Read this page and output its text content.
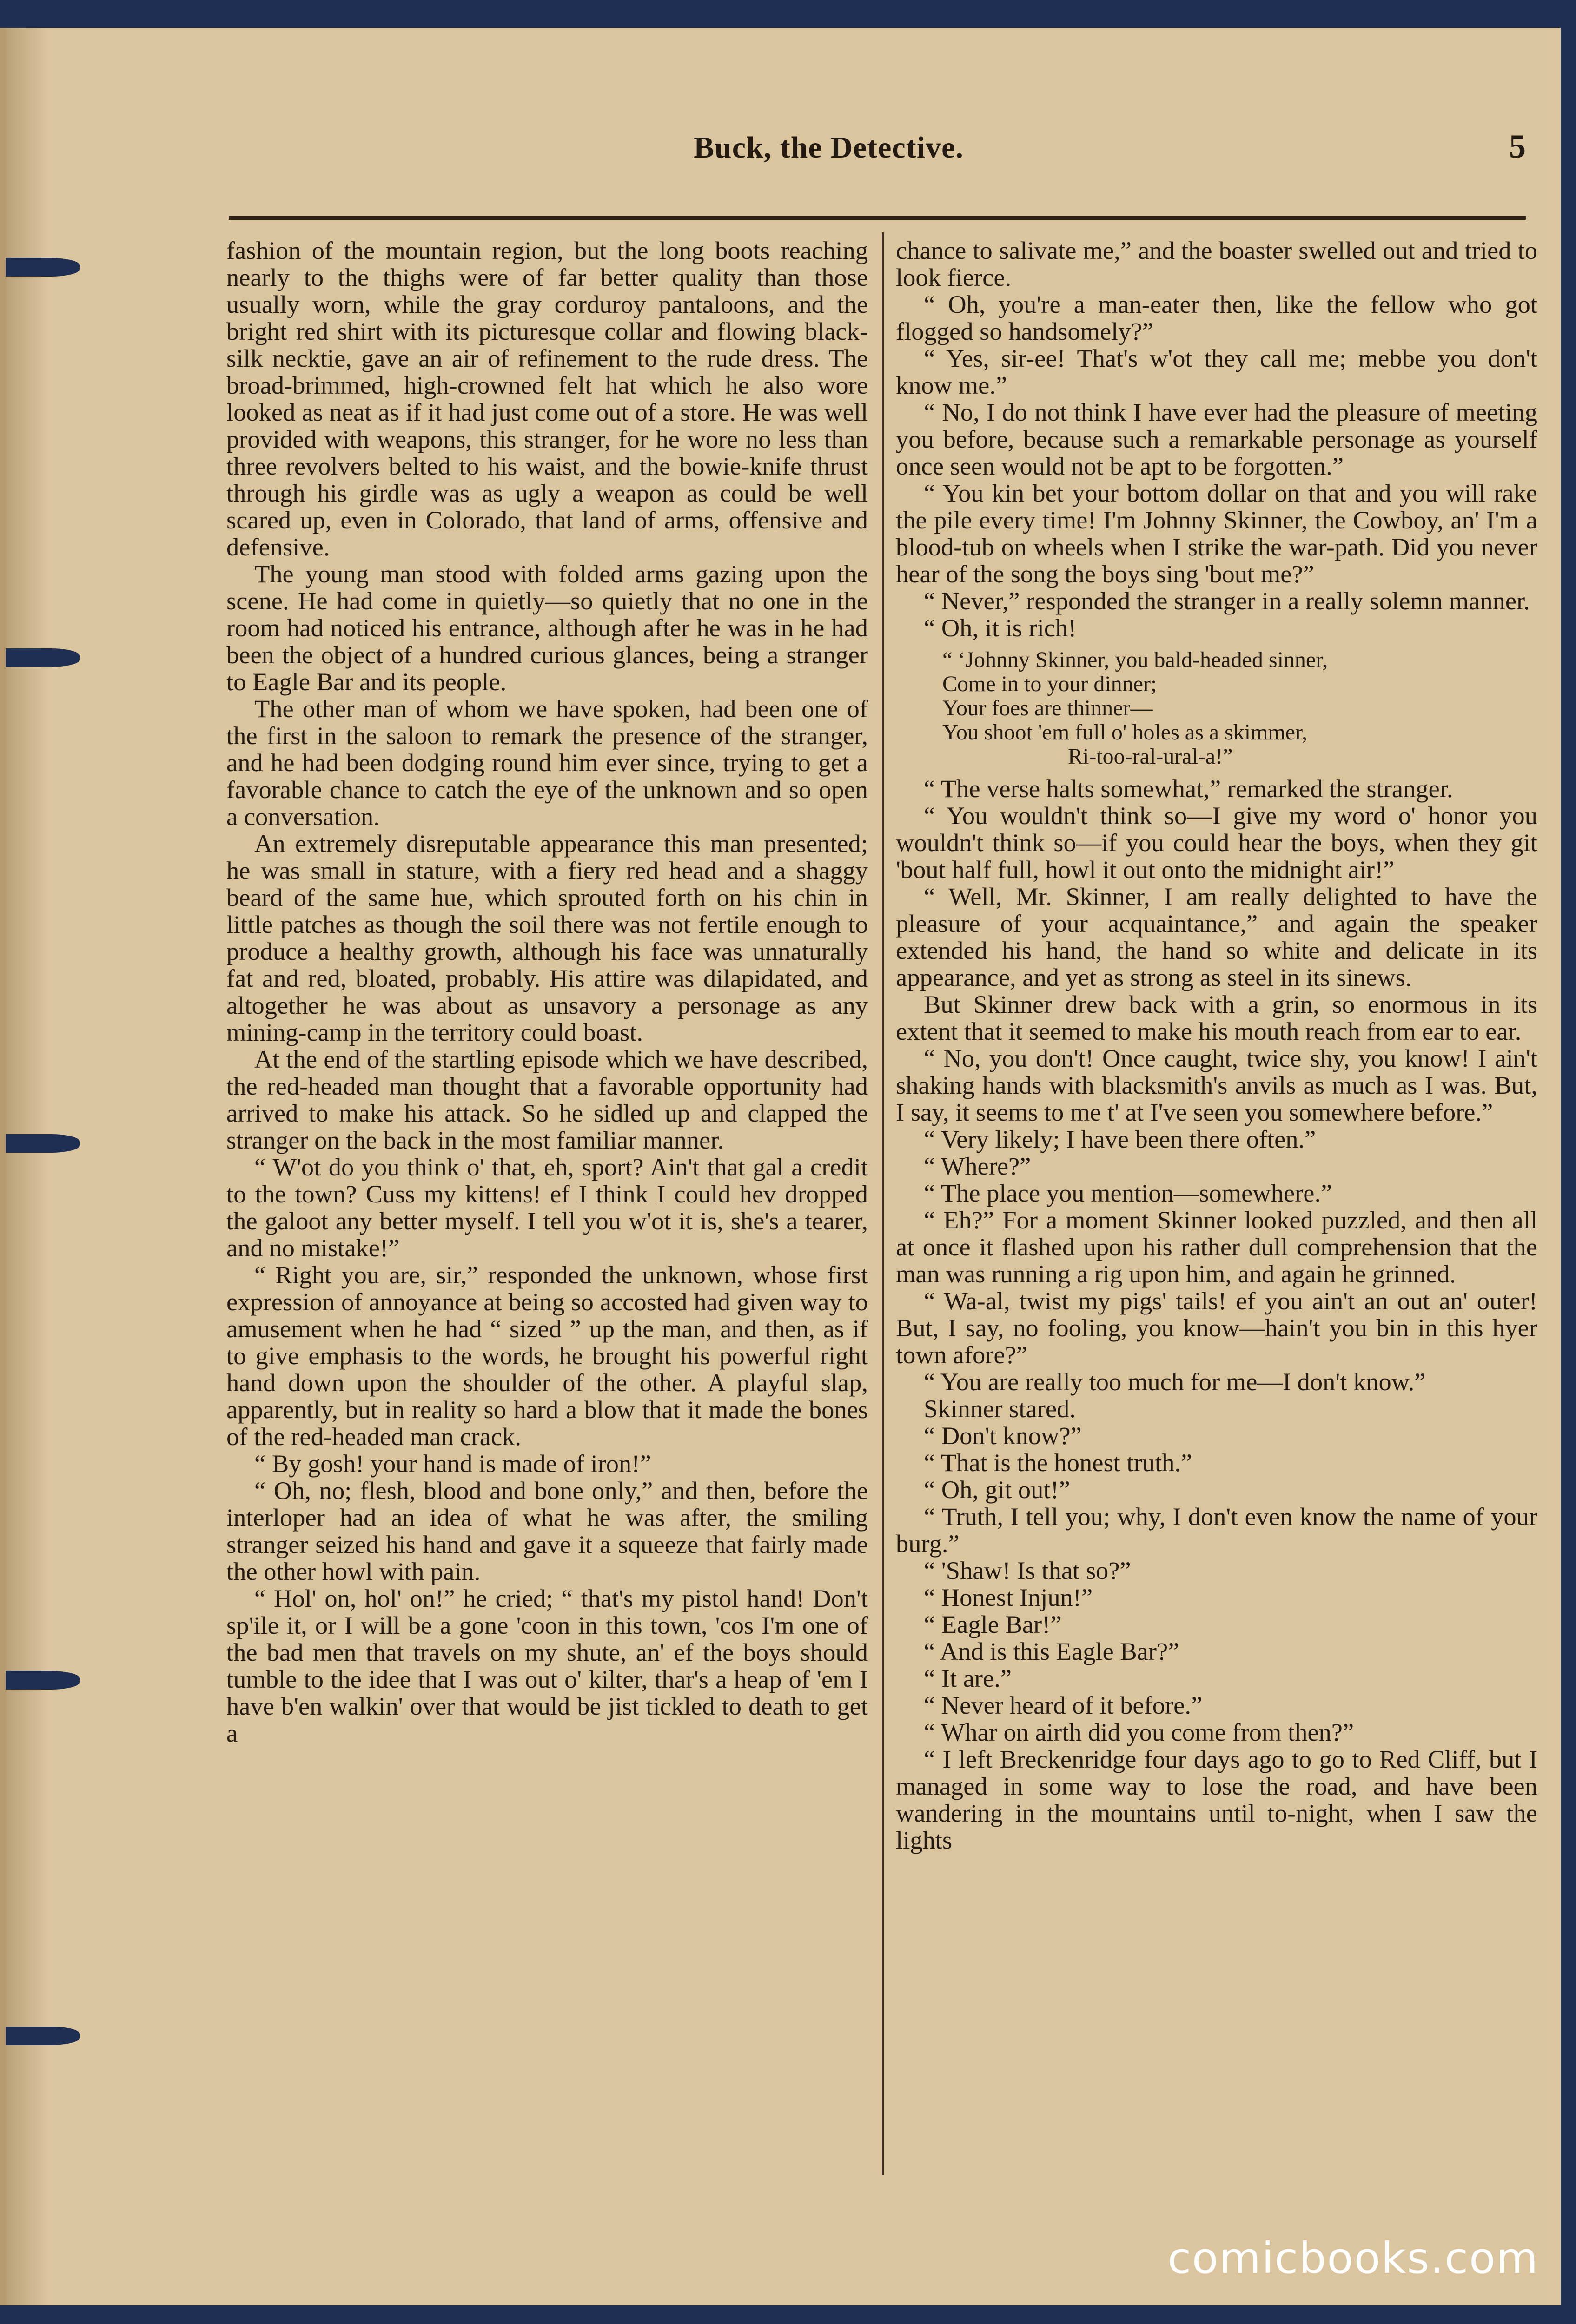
Buck, the Detective.	5

fashion of the mountain region, but the long boots reaching nearly to the thighs were of far better quality than those usually worn, while the gray corduroy pantaloons, and the bright red shirt with its picturesque collar and flowing black-silk necktie, gave an air of refinement to the rude dress. The broad-brimmed, high-crowned felt hat which he also wore looked as neat as if it had just come out of a store. He was well provided with weapons, this stranger, for he wore no less than three revolvers belted to his waist, and the bowie-knife thrust through his girdle was as ugly a weapon as could be well scared up, even in Colorado, that land of arms, offensive and defensive.

The young man stood with folded arms gazing upon the scene. He had come in quietly—so quietly that no one in the room had noticed his entrance, although after he was in he had been the object of a hundred curious glances, being a stranger to Eagle Bar and its people.

The other man of whom we have spoken, had been one of the first in the saloon to remark the presence of the stranger, and he had been dodging round him ever since, trying to get a favorable chance to catch the eye of the unknown and so open a conversation.

An extremely disreputable appearance this man presented; he was small in stature, with a fiery red head and a shaggy beard of the same hue, which sprouted forth on his chin in little patches as though the soil there was not fertile enough to produce a healthy growth, although his face was unnaturally fat and red, bloated, probably. His attire was dilapidated, and altogether he was about as unsavory a personage as any mining-camp in the territory could boast.

At the end of the startling episode which we have described, the red-headed man thought that a favorable opportunity had arrived to make his attack. So he sidled up and clapped the stranger on the back in the most familiar manner.

“ W'ot do you think o' that, eh, sport? Ain't that gal a credit to the town? Cuss my kittens! ef I think I could hev dropped the galoot any better myself. I tell you w'ot it is, she's a tearer, and no mistake!”

“ Right you are, sir,” responded the unknown, whose first expression of annoyance at being so accosted had given way to amusement when he had “ sized ” up the man, and then, as if to give emphasis to the words, he brought his powerful right hand down upon the shoulder of the other. A playful slap, apparently, but in reality so hard a blow that it made the bones of the red-headed man crack.

“ By gosh! your hand is made of iron!”

“ Oh, no; flesh, blood and bone only,” and then, before the interloper had an idea of what he was after, the smiling stranger seized his hand and gave it a squeeze that fairly made the other howl with pain.

“ Hol' on, hol' on!” he cried; “ that's my pistol hand! Don't sp'ile it, or I will be a gone 'coon in this town, 'cos I'm one of the bad men that travels on my shute, an' ef the boys should tumble to the idee that I was out o' kilter, thar's a heap of 'em I have b'en walkin' over that would be jist tickled to death to get a

chance to salivate me,” and the boaster swelled out and tried to look fierce.

“ Oh, you're a man-eater then, like the fellow who got flogged so handsomely?”

“ Yes, sir-ee! That's w'ot they call me; mebbe you don't know me.”

“ No, I do not think I have ever had the pleasure of meeting you before, because such a remarkable personage as yourself once seen would not be apt to be forgotten.”

“ You kin bet your bottom dollar on that and you will rake the pile every time! I'm Johnny Skinner, the Cowboy, an' I'm a blood-tub on wheels when I strike the war-path. Did you never hear of the song the boys sing 'bout me?”

“ Never,” responded the stranger in a really solemn manner.

“ Oh, it is rich!

“ ‘Johnny Skinner, you bald-headed sinner,
Come in to your dinner;
Your foes are thinner—
You shoot 'em full o' holes as a skimmer,
Ri-too-ral-ural-a!”

“ The verse halts somewhat,” remarked the stranger.

“ You wouldn't think so—I give my word o' honor you wouldn't think so—if you could hear the boys, when they git 'bout half full, howl it out onto the midnight air!”

“ Well, Mr. Skinner, I am really delighted to have the pleasure of your acquaintance,” and again the speaker extended his hand, the hand so white and delicate in its appearance, and yet as strong as steel in its sinews.

But Skinner drew back with a grin, so enormous in its extent that it seemed to make his mouth reach from ear to ear.

“ No, you don't! Once caught, twice shy, you know! I ain't shaking hands with blacksmith's anvils as much as I was. But, I say, it seems to me t' at I've seen you somewhere before.”

“ Very likely; I have been there often.”

“ Where?”

“ The place you mention—somewhere.”

“ Eh?” For a moment Skinner looked puzzled, and then all at once it flashed upon his rather dull comprehension that the man was running a rig upon him, and again he grinned.

“ Wa-al, twist my pigs' tails! ef you ain't an out an' outer! But, I say, no fooling, you know—hain't you bin in this hyer town afore?”

“ You are really too much for me—I don't know.”

Skinner stared.

“ Don't know?”

“ That is the honest truth.”

“ Oh, git out!”

“ Truth, I tell you; why, I don't even know the name of your burg.”

“ 'Shaw! Is that so?”

“ Honest Injun!”

“ Eagle Bar!”

“ And is this Eagle Bar?”

“ It are.”

“ Never heard of it before.”

“ Whar on airth did you come from then?”

“ I left Breckenridge four days ago to go to Red Cliff, but I managed in some way to lose the road, and have been wandering in the mountains until to-night, when I saw the lights

comicbooks.com
